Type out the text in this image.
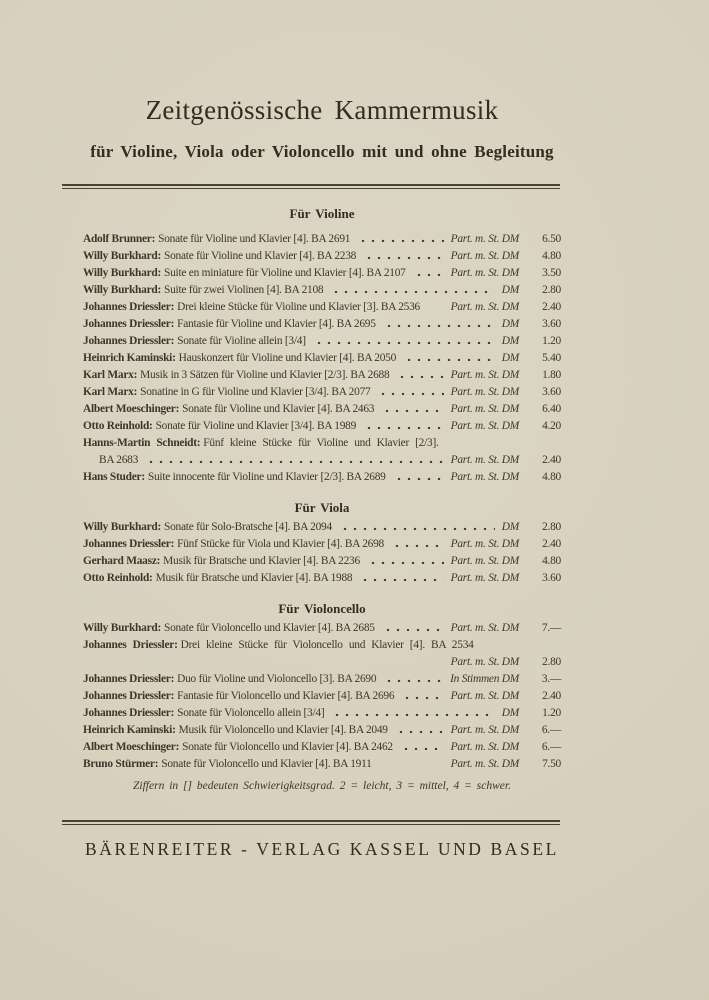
Zeitgenössische Kammermusik
für Violine, Viola oder Violoncello mit und ohne Begleitung
Für Violine
Adolf Brunner: Sonate für Violine und Klavier [4]. BA 2691	Part. m. St. DM	6.50
Willy Burkhard: Sonate für Violine und Klavier [4]. BA 2238	Part. m. St. DM	4.80
Willy Burkhard: Suite en miniature für Violine und Klavier [4]. BA 2107	Part. m. St. DM	3.50
Willy Burkhard: Suite für zwei Violinen [4]. BA 2108	DM	2.80
Johannes Driessler: Drei kleine Stücke für Violine und Klavier [3]. BA 2536	Part. m. St. DM	2.40
Johannes Driessler: Fantasie für Violine und Klavier [4]. BA 2695	DM	3.60
Johannes Driessler: Sonate für Violine allein [3/4]	DM	1.20
Heinrich Kaminski: Hauskonzert für Violine und Klavier [4]. BA 2050	DM	5.40
Karl Marx: Musik in 3 Sätzen für Violine und Klavier [2/3]. BA 2688	Part. m. St. DM	1.80
Karl Marx: Sonatine in G für Violine und Klavier [3/4]. BA 2077	Part. m. St. DM	3.60
Albert Moeschinger: Sonate für Violine und Klavier [4]. BA 2463	Part. m. St. DM	6.40
Otto Reinhold: Sonate für Violine und Klavier [3/4]. BA 1989	Part. m. St. DM	4.20
Hanns-Martin Schneidt: Fünf kleine Stücke für Violine und Klavier [2/3].
BA 2683	Part. m. St. DM	2.40
Hans Studer: Suite innocente für Violine und Klavier [2/3]. BA 2689	Part. m. St. DM	4.80
Für Viola
Willy Burkhard: Sonate für Solo-Bratsche [4]. BA 2094	DM	2.80
Johannes Driessler: Fünf Stücke für Viola und Klavier [4]. BA 2698	Part. m. St. DM	2.40
Gerhard Maasz: Musik für Bratsche und Klavier [4]. BA 2236	Part. m. St. DM	4.80
Otto Reinhold: Musik für Bratsche und Klavier [4]. BA 1988	Part. m. St. DM	3.60
Für Violoncello
Willy Burkhard: Sonate für Violoncello und Klavier [4]. BA 2685	Part. m. St. DM	7.—
Johannes Driessler: Drei kleine Stücke für Violoncello und Klavier [4]. BA 2534
Part. m. St. DM	2.80
Johannes Driessler: Duo für Violine und Violoncello [3]. BA 2690	In Stimmen DM	3.—
Johannes Driessler: Fantasie für Violoncello und Klavier [4]. BA 2696	Part. m. St. DM	2.40
Johannes Driessler: Sonate für Violoncello allein [3/4]	DM	1.20
Heinrich Kaminski: Musik für Violoncello und Klavier [4]. BA 2049	Part. m. St. DM	6.—
Albert Moeschinger: Sonate für Violoncello und Klavier [4]. BA 2462	Part. m. St. DM	6.—
Bruno Stürmer: Sonate für Violoncello und Klavier [4]. BA 1911	Part. m. St. DM	7.50
Ziffern in [] bedeuten Schwierigkeitsgrad. 2 = leicht, 3 = mittel, 4 = schwer.
BÄRENREITER - VERLAG KASSEL UND BASEL
